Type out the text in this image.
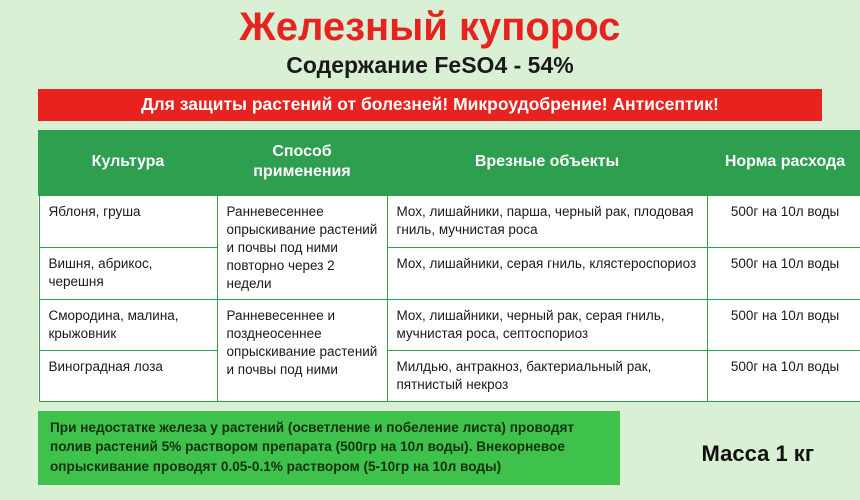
Железный купорос
Содержание FeSO4 - 54%
Для защиты растений от болезней! Микроудобрение! Антисептик!
Культура	Способ применения	Врезные объекты	Норма расхода
Яблоня, груша	Ранневесеннее опрыскивание растений и почвы под ними повторно через 2 недели	Мох, лишайники, парша, черный рак, плодовая гниль, мучнистая роса	500г на 10л воды
Вишня, абрикос, черешня		Мох, лишайники, серая гниль, клястероспориоз	500г на 10л воды
Смородина, малина, крыжовник	Ранневесеннее и позднеосеннее опрыскивание растений и почвы под ними	Мох, лишайники, черный рак, серая гниль, мучнистая роса, септоспориоз	500г на 10л воды
Виноградная лоза		Милдью, антракноз, бактериальный рак, пятнистый некроз	500г на 10л воды
При недостатке железа у растений (осветление и побеление листа) проводят полив растений 5% раствором препарата (500гр на 10л воды). Внекорневое опрыскивание проводят 0.05-0.1% раствором (5-10гр на 10л воды)
Масса 1 кг
